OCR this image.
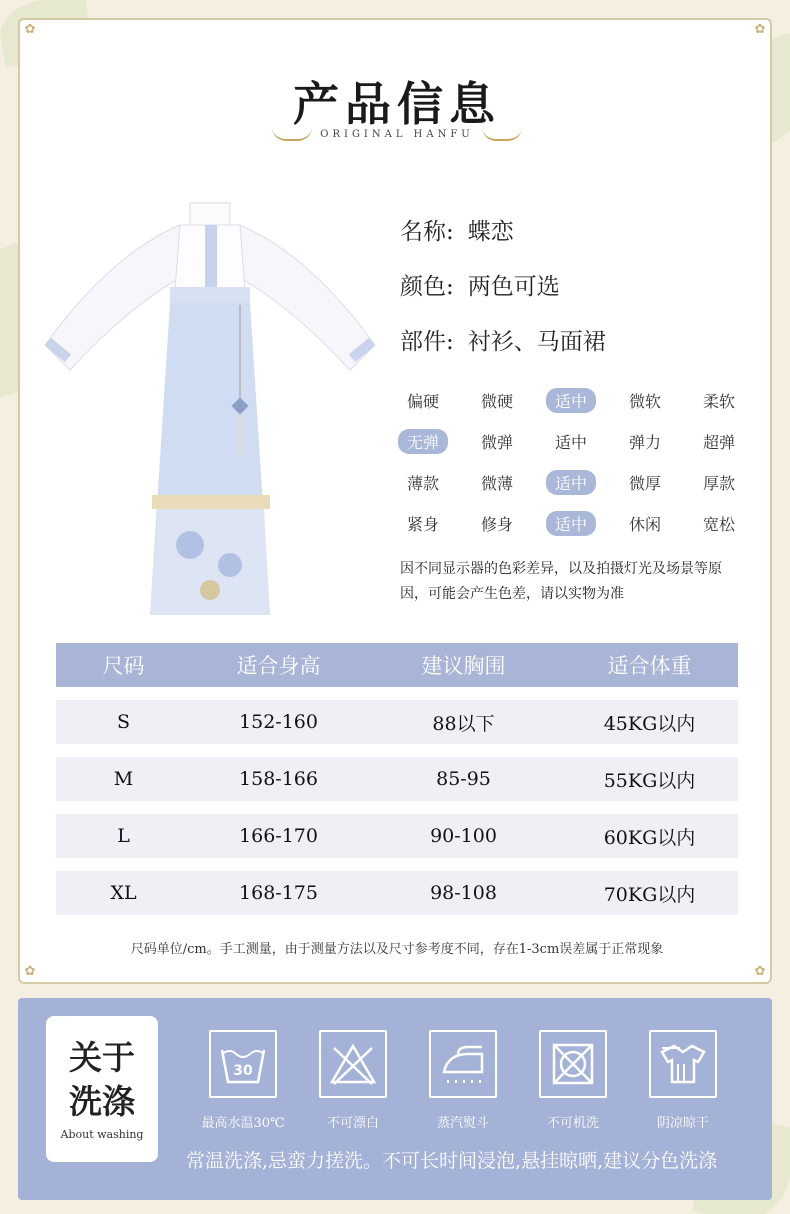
✿	✿
✿	✿
产品信息
ORIGINAL HANFU
名称: 蝶恋
颜色: 两色可选
部件: 衬衫、马面裙
偏硬	微硬	适中	微软	柔软
无弹	微弹	适中	弹力	超弹
薄款	微薄	适中	微厚	厚款
紧身	修身	适中	休闲	宽松
因不同显示器的色彩差异，以及拍摄灯光及场景等原因，可能会产生色差，请以实物为准
尺码	适合身高	建议胸围	适合体重
S	152-160	88以下	45KG以内
M	158-166	85-95	55KG以内
L	166-170	90-100	60KG以内
XL	168-175	98-108	70KG以内
尺码单位/cm。手工测量，由于测量方法以及尺寸参考度不同，存在1-3cm误差属于正常现象
关于
洗涤
About washing
30
最高水温30℃	不可漂白	蒸汽熨斗	不可机洗	阴凉晾干
常温洗涤,忌蛮力搓洗。不可长时间浸泡,悬挂晾晒,建议分色洗涤
